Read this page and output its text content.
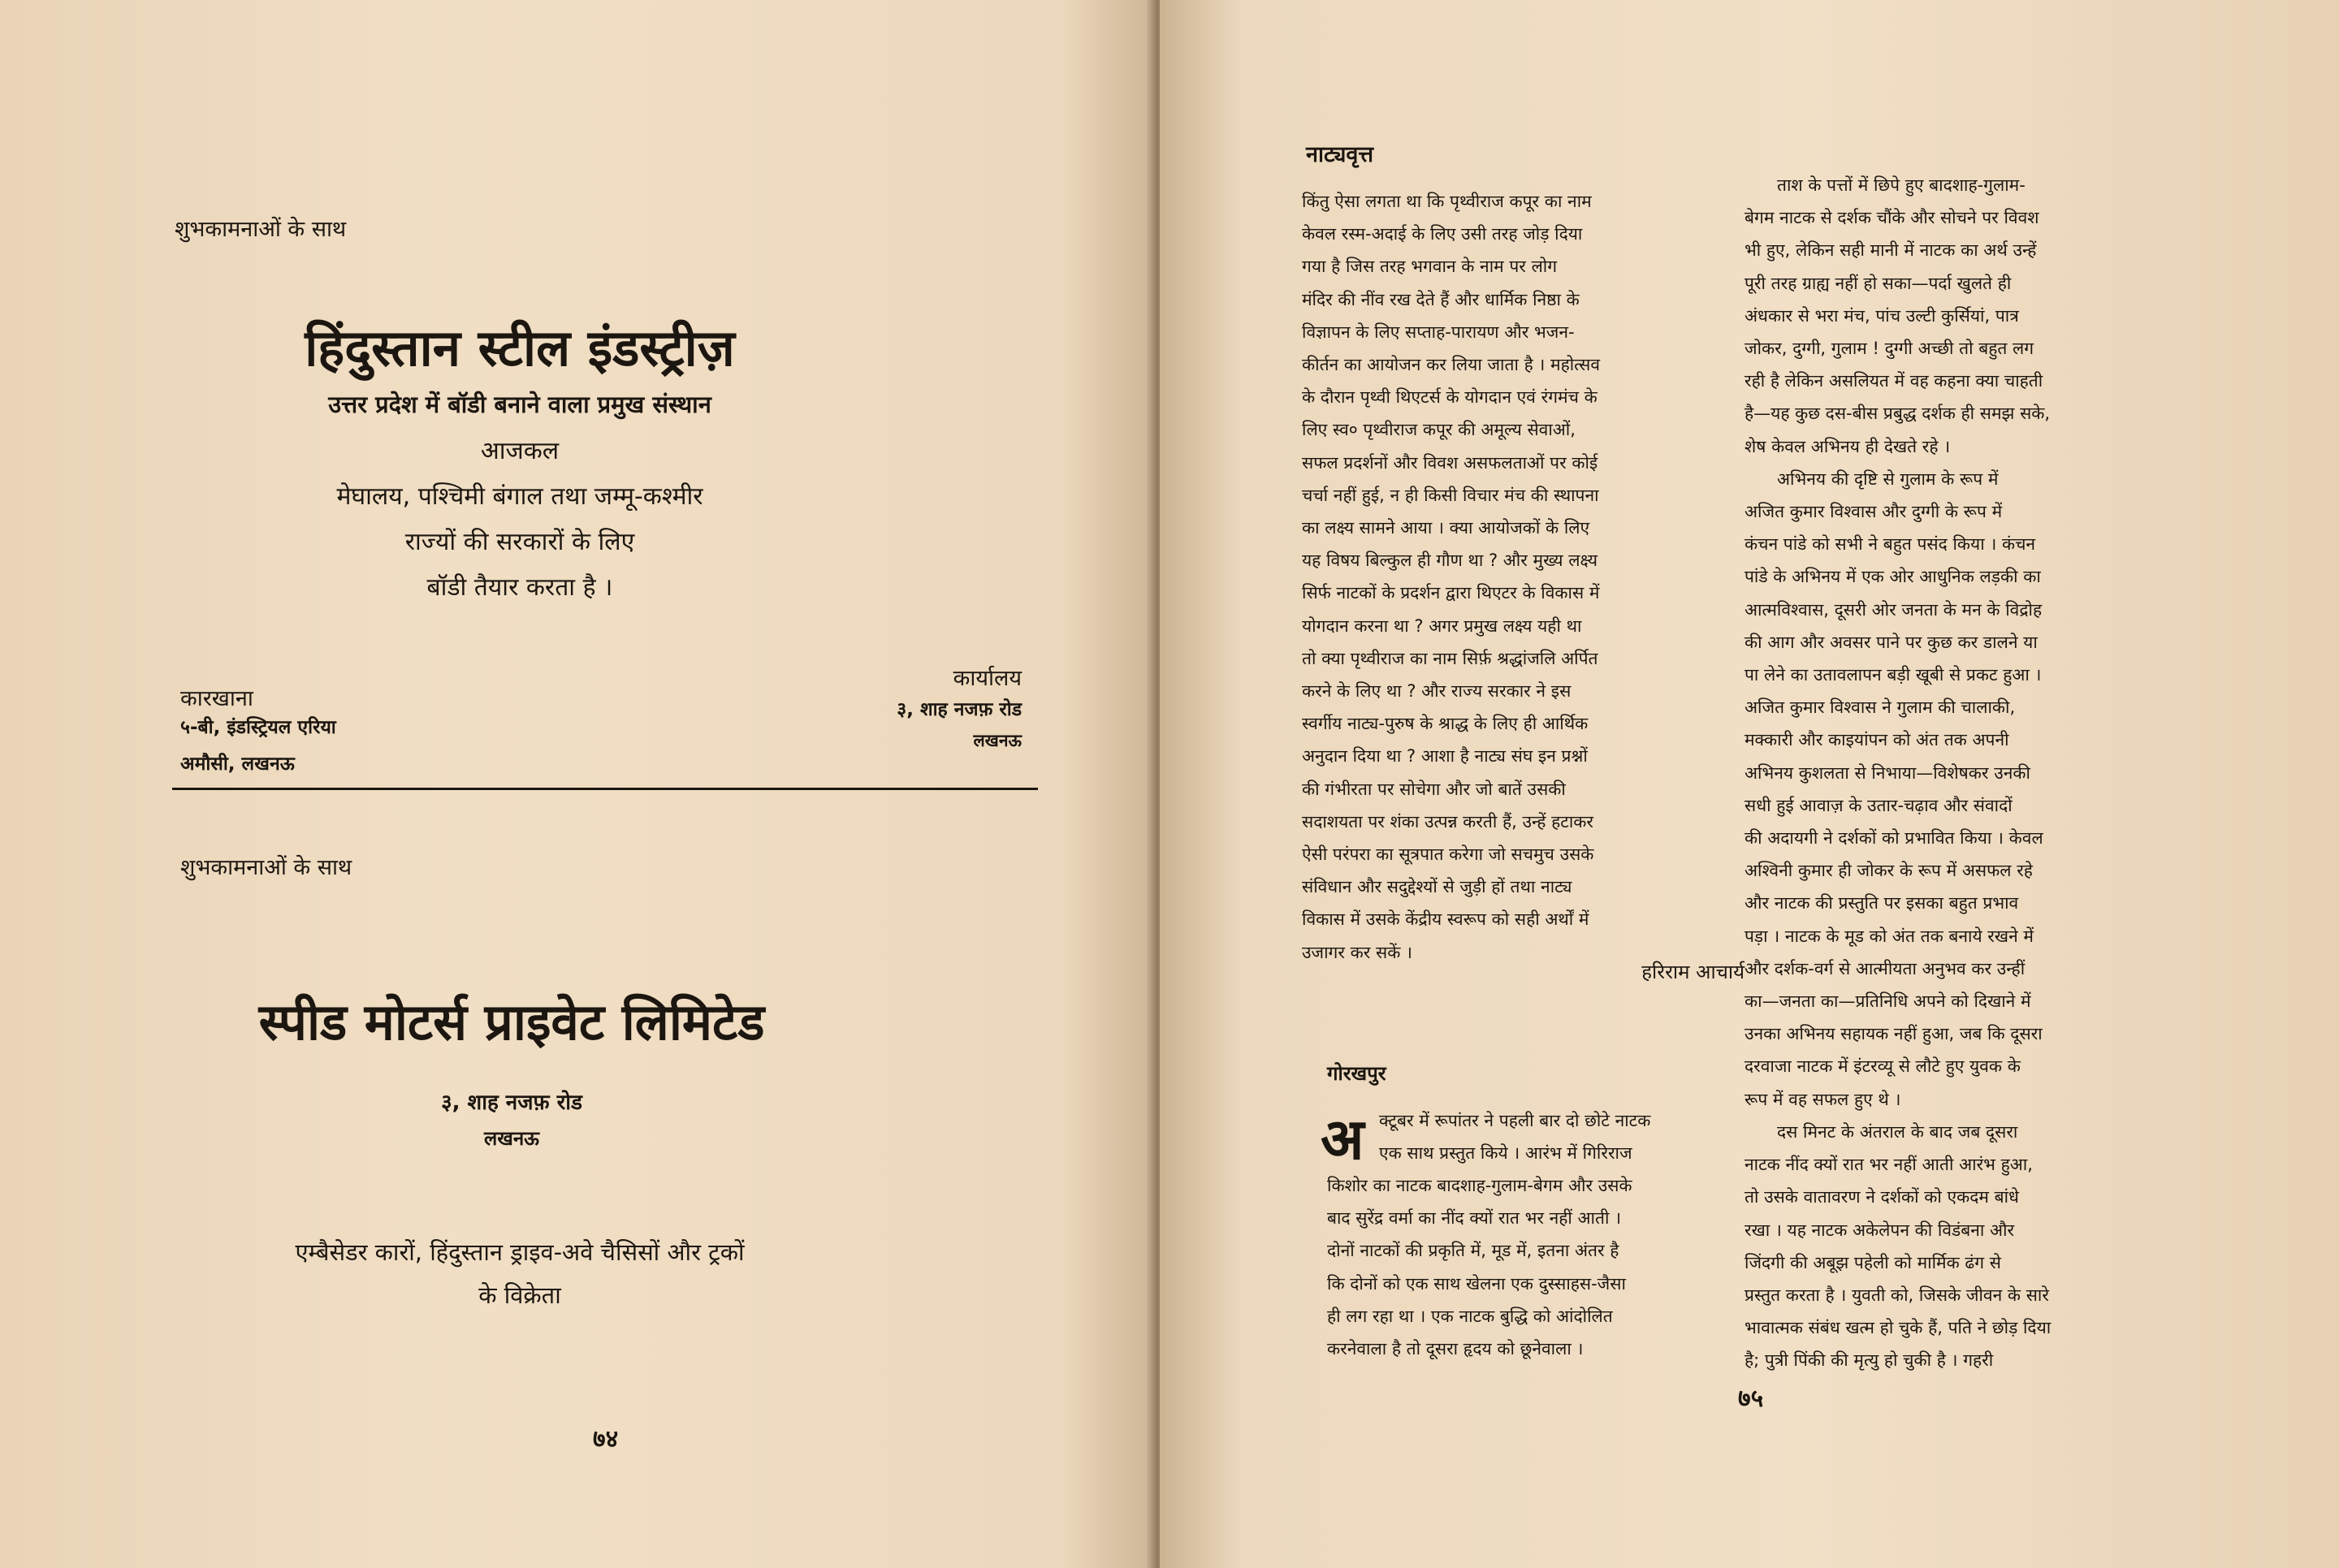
शुभकामनाओं के साथ
हिंदुस्तान स्टील इंडस्ट्रीज़
उत्तर प्रदेश में बॉडी बनाने वाला प्रमुख संस्थान
आजकल
मेघालय, पश्चिमी बंगाल तथा जम्मू-कश्मीर
राज्यों की सरकारों के लिए
बॉडी तैयार करता है ।
कारखाना
५-बी, इंडस्ट्रियल एरिया
अमौसी, लखनऊ
कार्यालय
३, शाह नजफ़ रोड
लखनऊ
शुभकामनाओं के साथ
स्पीड मोटर्स प्राइवेट लिमिटेड
३, शाह नजफ़ रोड
लखनऊ
एम्बैसेडर कारों, हिंदुस्तान ड्राइव-अवे चैसिसों और ट्रकों
के विक्रेता
७४
नाट्यवृत्त
किंतु ऐसा लगता था कि पृथ्वीराज कपूर का नाम
केवल रस्म-अदाई के लिए उसी तरह जोड़ दिया
गया है जिस तरह भगवान के नाम पर लोग
मंदिर की नींव रख देते हैं और धार्मिक निष्ठा के
विज्ञापन के लिए सप्ताह-पारायण और भजन-
कीर्तन का आयोजन कर लिया जाता है । महोत्सव
के दौरान पृथ्वी थिएटर्स के योगदान एवं रंगमंच के
लिए स्व० पृथ्वीराज कपूर की अमूल्य सेवाओं,
सफल प्रदर्शनों और विवश असफलताओं पर कोई
चर्चा नहीं हुई, न ही किसी विचार मंच की स्थापना
का लक्ष्य सामने आया । क्या आयोजकों के लिए
यह विषय बिल्कुल ही गौण था ? और मुख्य लक्ष्य
सिर्फ नाटकों के प्रदर्शन द्वारा थिएटर के विकास में
योगदान करना था ? अगर प्रमुख लक्ष्य यही था
तो क्या पृथ्वीराज का नाम सिर्फ़ श्रद्धांजलि अर्पित
करने के लिए था ? और राज्य सरकार ने इस
स्वर्गीय नाट्य-पुरुष के श्राद्ध के लिए ही आर्थिक
अनुदान दिया था ? आशा है नाट्य संघ इन प्रश्नों
की गंभीरता पर सोचेगा और जो बातें उसकी
सदाशयता पर शंका उत्पन्न करती हैं, उन्हें हटाकर
ऐसी परंपरा का सूत्रपात करेगा जो सचमुच उसके
संविधान और सदुद्देश्यों से जुड़ी हों तथा नाट्य
विकास में उसके केंद्रीय स्वरूप को सही अर्थों में
उजागर कर सकें ।
हरिराम आचार्य
गोरखपुर
अ क्टूबर में रूपांतर ने पहली बार दो छोटे नाटक
एक साथ प्रस्तुत किये । आरंभ में गिरिराज
किशोर का नाटक बादशाह-गुलाम-बेगम और उसके
बाद सुरेंद्र वर्मा का नींद क्यों रात भर नहीं आती ।
दोनों नाटकों की प्रकृति में, मूड में, इतना अंतर है
कि दोनों को एक साथ खेलना एक दुस्साहस-जैसा
ही लग रहा था । एक नाटक बुद्धि को आंदोलित
करनेवाला है तो दूसरा हृदय को छूनेवाला ।
ताश के पत्तों में छिपे हुए बादशाह-गुलाम-
बेगम नाटक से दर्शक चौंके और सोचने पर विवश
भी हुए, लेकिन सही मानी में नाटक का अर्थ उन्हें
पूरी तरह ग्राह्य नहीं हो सका—पर्दा खुलते ही
अंधकार से भरा मंच, पांच उल्टी कुर्सियां, पात्र
जोकर, दुग्गी, गुलाम ! दुग्गी अच्छी तो बहुत लग
रही है लेकिन असलियत में वह कहना क्या चाहती
है—यह कुछ दस-बीस प्रबुद्ध दर्शक ही समझ सके,
शेष केवल अभिनय ही देखते रहे ।
अभिनय की दृष्टि से गुलाम के रूप में
अजित कुमार विश्वास और दुग्गी के रूप में
कंचन पांडे को सभी ने बहुत पसंद किया । कंचन
पांडे के अभिनय में एक ओर आधुनिक लड़की का
आत्मविश्वास, दूसरी ओर जनता के मन के विद्रोह
की आग और अवसर पाने पर कुछ कर डालने या
पा लेने का उतावलापन बड़ी खूबी से प्रकट हुआ ।
अजित कुमार विश्वास ने गुलाम की चालाकी,
मक्कारी और काइयांपन को अंत तक अपनी
अभिनय कुशलता से निभाया—विशेषकर उनकी
सधी हुई आवाज़ के उतार-चढ़ाव और संवादों
की अदायगी ने दर्शकों को प्रभावित किया । केवल
अश्विनी कुमार ही जोकर के रूप में असफल रहे
और नाटक की प्रस्तुति पर इसका बहुत प्रभाव
पड़ा । नाटक के मूड को अंत तक बनाये रखने में
और दर्शक-वर्ग से आत्मीयता अनुभव कर उन्हीं
का—जनता का—प्रतिनिधि अपने को दिखाने में
उनका अभिनय सहायक नहीं हुआ, जब कि दूसरा
दरवाजा नाटक में इंटरव्यू से लौटे हुए युवक के
रूप में वह सफल हुए थे ।
दस मिनट के अंतराल के बाद जब दूसरा
नाटक नींद क्यों रात भर नहीं आती आरंभ हुआ,
तो उसके वातावरण ने दर्शकों को एकदम बांधे
रखा । यह नाटक अकेलेपन की विडंबना और
जिंदगी की अबूझ पहेली को मार्मिक ढंग से
प्रस्तुत करता है । युवती को, जिसके जीवन के सारे
भावात्मक संबंध खत्म हो चुके हैं, पति ने छोड़ दिया
है; पुत्री पिंकी की मृत्यु हो चुकी है । गहरी
७५
